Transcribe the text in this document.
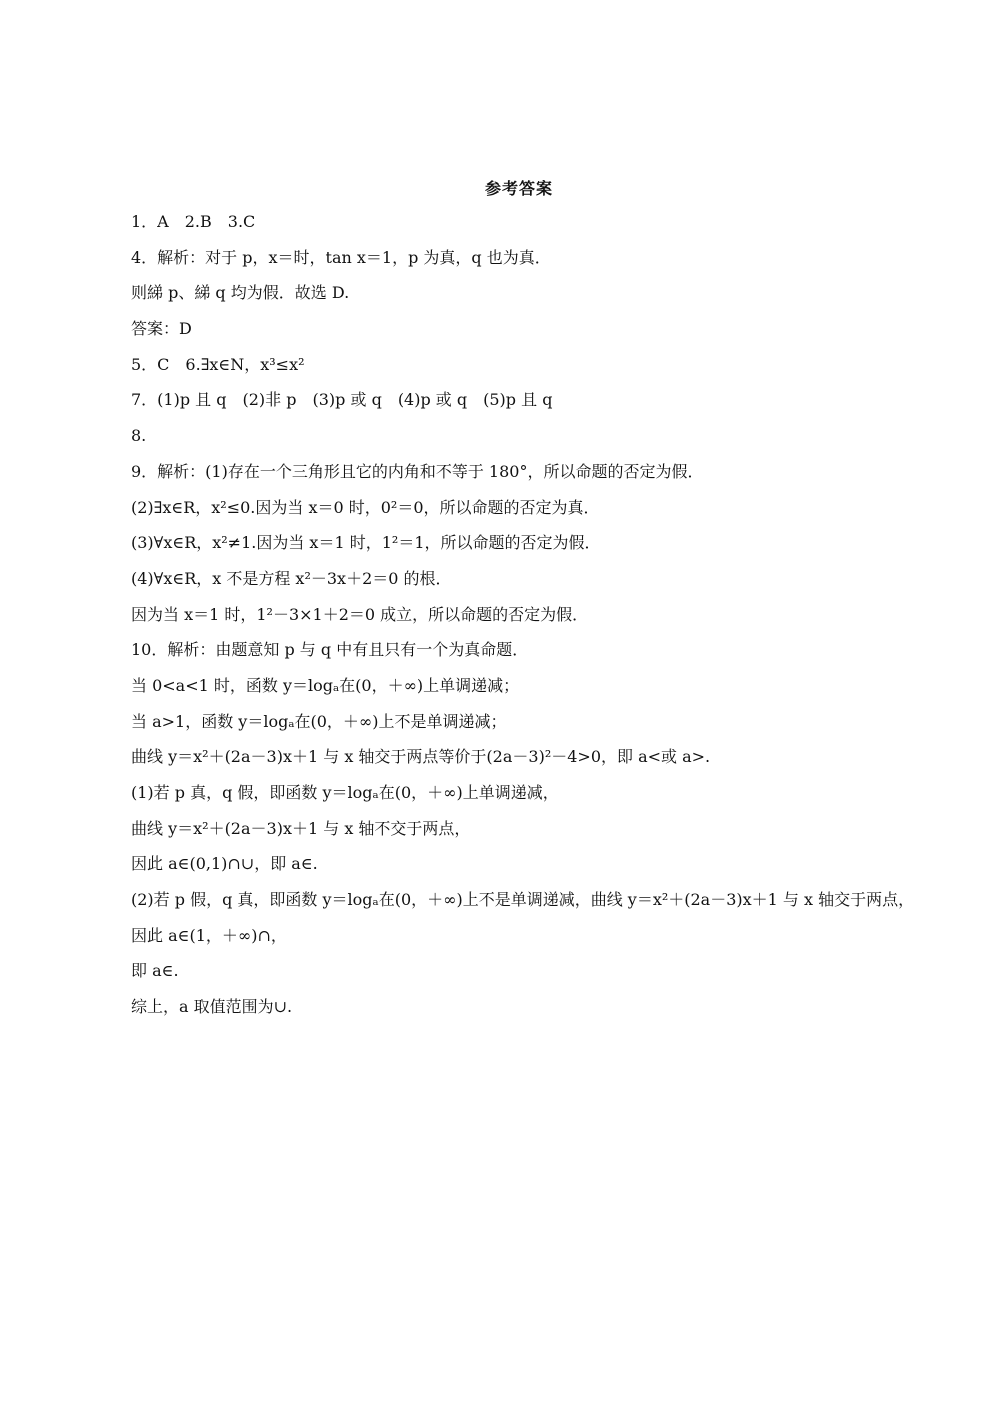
参考答案
1．A　2.B　3.C
4．解析：对于 p，x＝时，tan x＝1，p 为真，q 也为真．
则綈 p、綈 q 均为假．故选 D.
答案：D
5．C　6.∃x∈N，x³≤x²
7．(1)p 且 q　(2)非 p　(3)p 或 q　(4)p 或 q　(5)p 且 q
8.
9．解析：(1)存在一个三角形且它的内角和不等于 180°，所以命题的否定为假．
(2)∃x∈R，x²≤0.因为当 x＝0 时，0²＝0，所以命题的否定为真．
(3)∀x∈R，x²≠1.因为当 x＝1 时，1²＝1，所以命题的否定为假．
(4)∀x∈R，x 不是方程 x²－3x＋2＝0 的根．
因为当 x＝1 时，1²－3×1＋2＝0 成立，所以命题的否定为假．
10．解析：由题意知 p 与 q 中有且只有一个为真命题．
当 0<a<1 时，函数 y＝logₐ在(0，＋∞)上单调递减；
当 a>1，函数 y＝logₐ在(0，＋∞)上不是单调递减；
曲线 y＝x²＋(2a－3)x＋1 与 x 轴交于两点等价于(2a－3)²－4>0，即 a<或 a>.
(1)若 p 真，q 假，即函数 y＝logₐ在(0，＋∞)上单调递减，
曲线 y＝x²＋(2a－3)x＋1 与 x 轴不交于两点，
因此 a∈(0,1)∩∪，即 a∈.
(2)若 p 假，q 真，即函数 y＝logₐ在(0，＋∞)上不是单调递减，曲线 y＝x²＋(2a－3)x＋1 与 x 轴交于两点，
因此 a∈(1，＋∞)∩，
即 a∈.
综上，a 取值范围为∪.
